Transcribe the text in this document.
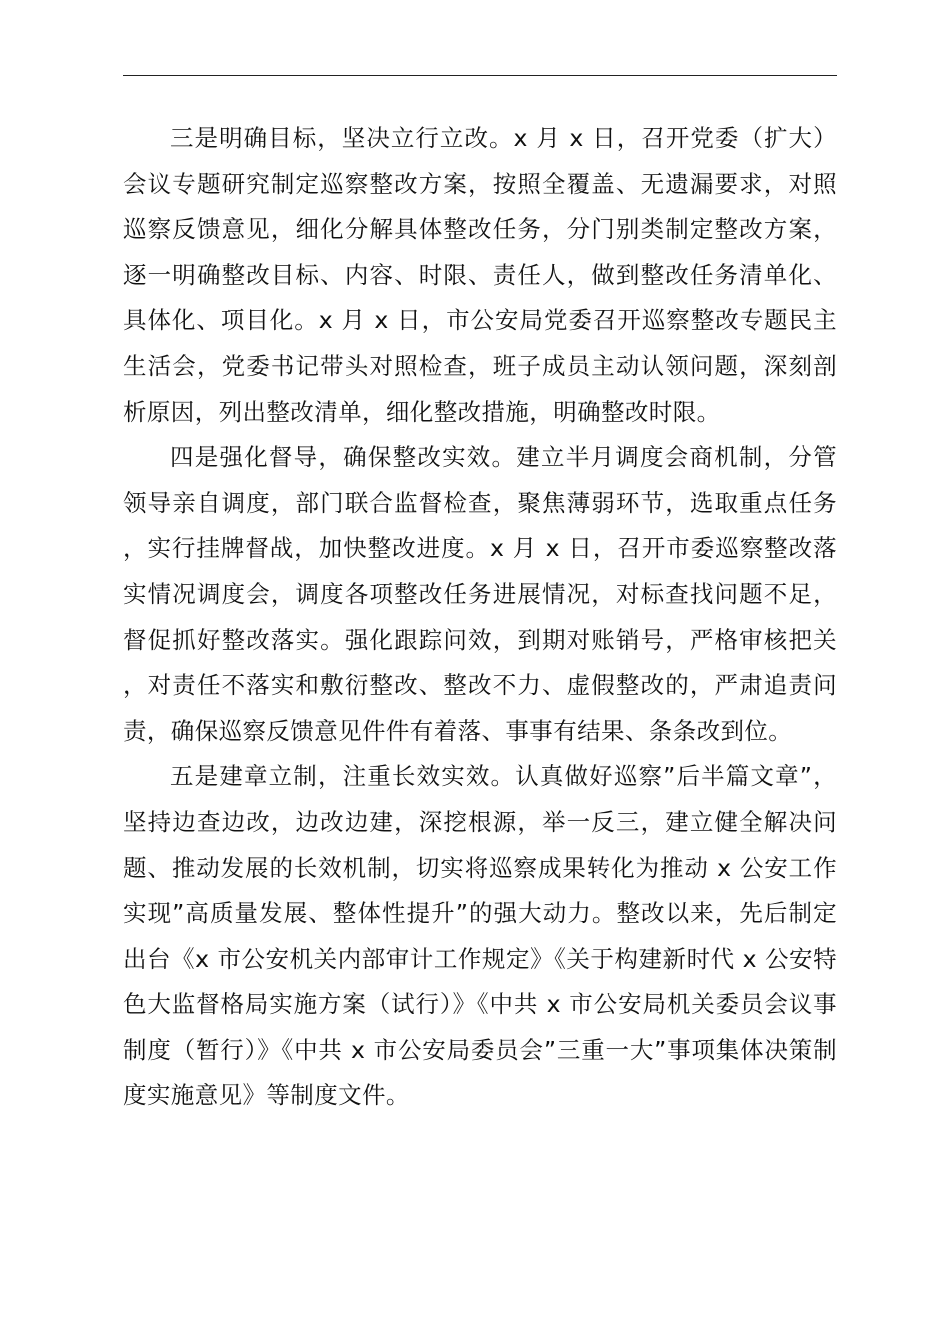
三是明确目标，坚决立行立改。x 月 x 日，召开党委（扩大）会议专题研究制定巡察整改方案，按照全覆盖、无遗漏要求，对照巡察反馈意见，细化分解具体整改任务，分门别类制定整改方案，逐一明确整改目标、内容、时限、责任人，做到整改任务清单化、具体化、项目化。x 月 x 日，市公安局党委召开巡察整改专题民主生活会，党委书记带头对照检查，班子成员主动认领问题，深刻剖析原因，列出整改清单，细化整改措施，明确整改时限。

四是强化督导，确保整改实效。建立半月调度会商机制，分管领导亲自调度，部门联合监督检查，聚焦薄弱环节，选取重点任务，实行挂牌督战，加快整改进度。x 月 x 日，召开市委巡察整改落实情况调度会，调度各项整改任务进展情况，对标查找问题不足，督促抓好整改落实。强化跟踪问效，到期对账销号，严格审核把关，对责任不落实和敷衍整改、整改不力、虚假整改的，严肃追责问责，确保巡察反馈意见件件有着落、事事有结果、条条改到位。

五是建章立制，注重长效实效。认真做好巡察”后半篇文章”，坚持边查边改，边改边建，深挖根源，举一反三，建立健全解决问题、推动发展的长效机制，切实将巡察成果转化为推动 x 公安工作实现”高质量发展、整体性提升”的强大动力。整改以来，先后制定出台《x 市公安机关内部审计工作规定》《关于构建新时代 x 公安特色大监督格局实施方案（试行）》《中共 x 市公安局机关委员会议事制度（暂行）》《中共 x 市公安局委员会”三重一大”事项集体决策制度实施意见》等制度文件。
